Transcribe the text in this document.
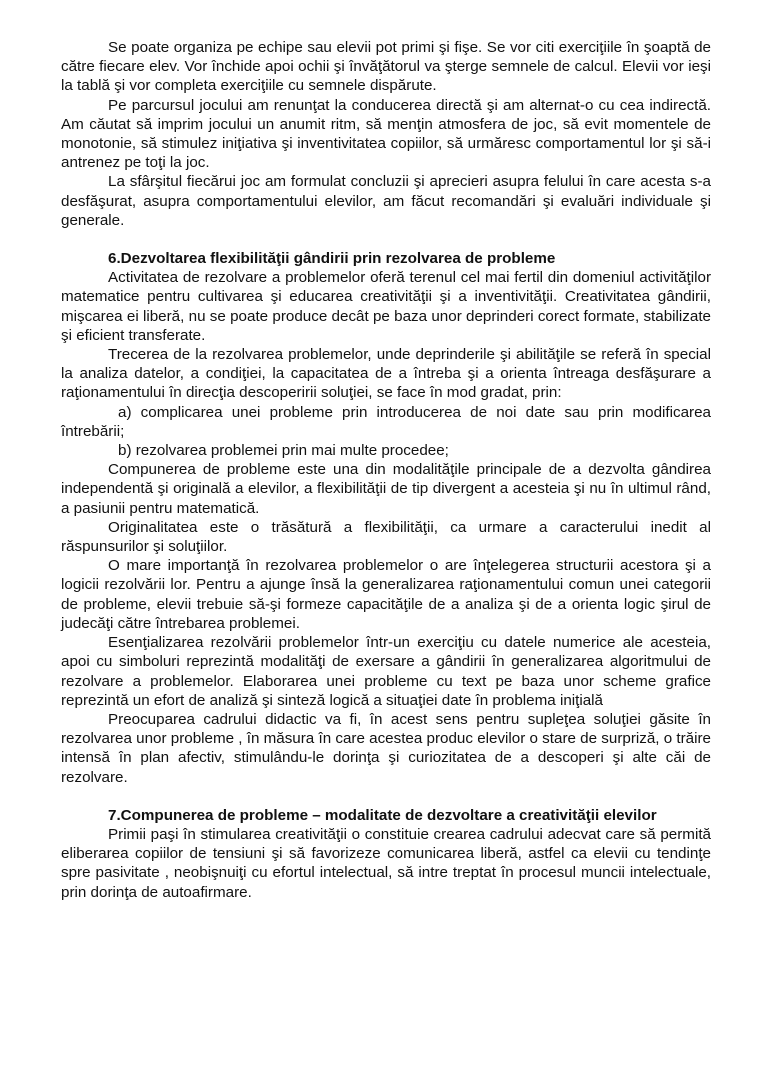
Se poate organiza pe echipe sau elevii pot primi şi fişe. Se vor citi exerciţiile în şoaptă de către fiecare elev. Vor închide apoi ochii şi învăţătorul va şterge semnele de calcul. Elevii vor ieşi la tablă şi vor completa exerciţiile cu semnele dispărute.

Pe parcursul jocului am renunţat la conducerea directă şi am alternat-o cu cea indirectă. Am căutat să imprim jocului un anumit ritm, să menţin atmosfera de joc, să evit momentele de monotonie, să stimulez iniţiativa şi inventivitatea copiilor, să urmăresc comportamentul lor şi să-i antrenez pe toţi la joc.

La sfârşitul fiecărui joc am formulat concluzii şi aprecieri asupra felului în care acesta s-a desfăşurat, asupra comportamentului elevilor, am făcut recomandări şi evaluări individuale şi generale.

6.Dezvoltarea flexibilităţii gândirii prin rezolvarea de probleme

Activitatea de rezolvare a problemelor oferă terenul cel mai fertil din domeniul activităţilor matematice pentru cultivarea şi educarea creativităţii şi a inventivităţii. Creativitatea gândirii, mişcarea ei liberă, nu se poate produce decât pe baza unor deprinderi corect formate, stabilizate şi eficient transferate.

Trecerea de la rezolvarea problemelor, unde deprinderile şi abilităţile se referă în special la analiza datelor, a condiţiei, la capacitatea de a întreba şi a orienta întreaga desfăşurare a raţionamentului în direcţia descoperirii soluţiei, se face în mod gradat, prin:

a) complicarea unei probleme prin introducerea de noi date sau prin modificarea întrebării;

b) rezolvarea problemei prin mai multe procedee;

Compunerea de probleme este una din modalităţile principale de a dezvolta gândirea independentă şi originală a elevilor, a flexibilităţii de tip divergent a acesteia şi nu în ultimul rând, a pasiunii pentru matematică.

Originalitatea este o trăsătură a flexibilităţii, ca urmare a caracterului inedit al răspunsurilor şi soluţiilor.

O mare importanţă în rezolvarea problemelor o are înţelegerea structurii acestora şi a logicii rezolvării lor. Pentru a ajunge însă la generalizarea raţionamentului comun unei categorii de probleme, elevii trebuie să-şi formeze capacităţile de a analiza şi de a orienta logic şirul de judecăţi către întrebarea problemei.

Esenţializarea rezolvării problemelor într-un exerciţiu cu datele numerice ale acesteia, apoi cu simboluri reprezintă modalităţi de exersare a gândirii în generalizarea algoritmului de rezolvare a problemelor. Elaborarea unei probleme cu text pe baza unor scheme grafice reprezintă un efort de analiză şi sinteză logică a situaţiei date în problema iniţială

Preocuparea cadrului didactic va fi, în acest sens pentru supleţea soluţiei găsite în rezolvarea unor probleme , în măsura în care acestea produc elevilor o stare de surpriză, o trăire intensă în plan afectiv, stimulându-le dorinţa şi curiozitatea de a descoperi şi alte căi de rezolvare.

7.Compunerea de probleme – modalitate de dezvoltare a creativităţii elevilor

Primii paşi în stimularea creativităţii o constituie crearea cadrului adecvat care să permită eliberarea copiilor de tensiuni şi să favorizeze comunicarea liberă, astfel ca elevii cu tendinţe spre pasivitate , neobişnuiţi cu efortul intelectual, să intre treptat în procesul muncii intelectuale, prin dorinţa de autoafirmare.
